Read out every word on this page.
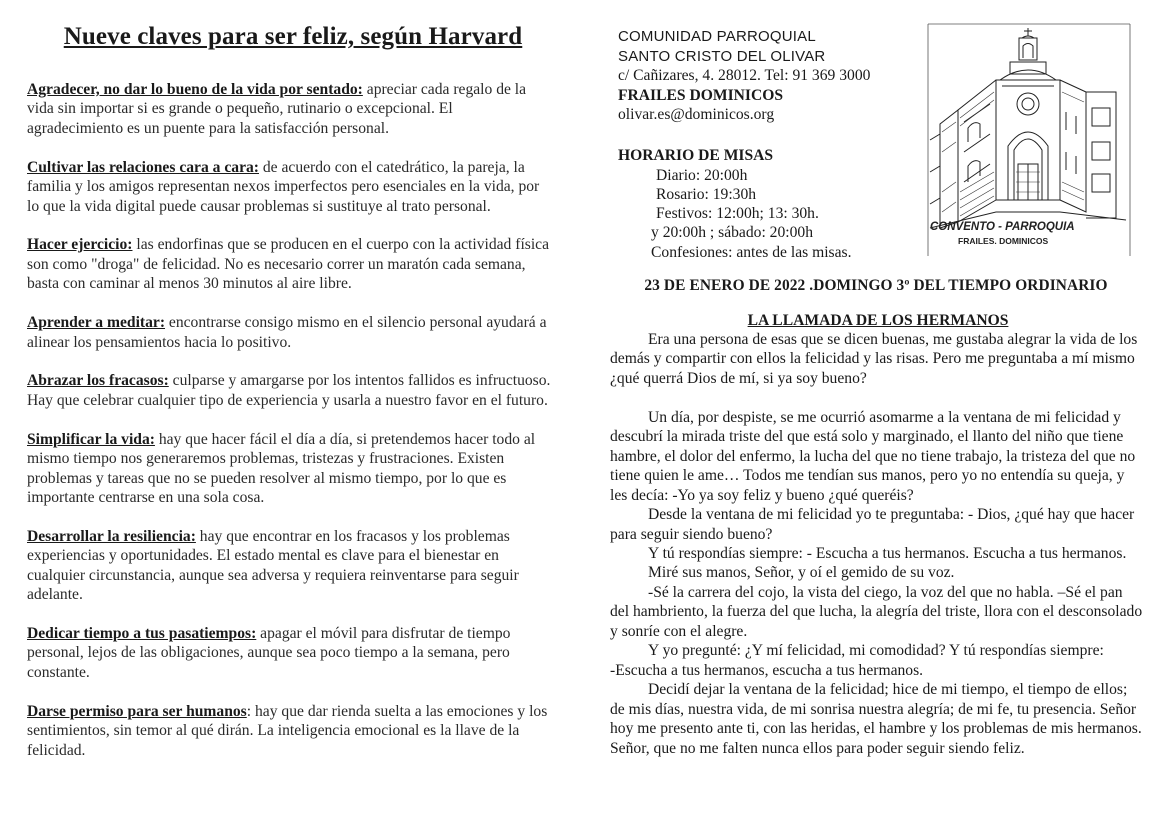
Nueve claves para ser feliz, según Harvard
Agradecer, no dar lo bueno de la vida por sentado: apreciar cada regalo de la vida sin importar si es grande o pequeño, rutinario o excepcional. El agradecimiento es un puente para la satisfacción personal.
Cultivar las relaciones cara a cara: de acuerdo con el catedrático, la pareja, la familia y los amigos representan nexos imperfectos pero esenciales en la vida, por lo que la vida digital puede causar problemas si sustituye al trato personal.
Hacer ejercicio: las endorfinas que se producen en el cuerpo con la actividad física son como "droga" de felicidad. No es necesario correr un maratón cada semana, basta con caminar al menos 30 minutos al aire libre.
Aprender a meditar: encontrarse consigo mismo en el silencio personal ayudará a alinear los pensamientos hacia lo positivo.
Abrazar los fracasos: culparse y amargarse por los intentos fallidos es infructuoso. Hay que celebrar cualquier tipo de experiencia y usarla a nuestro favor en el futuro.
Simplificar la vida: hay que hacer fácil el día a día, si pretendemos hacer todo al mismo tiempo nos generaremos problemas, tristezas y frustraciones. Existen problemas y tareas que no se pueden resolver al mismo tiempo, por lo que es importante centrarse en una sola cosa.
Desarrollar la resiliencia: hay que encontrar en los fracasos y los problemas experiencias y oportunidades. El estado mental es clave para el bienestar en cualquier circunstancia, aunque sea adversa y requiera reinventarse para seguir adelante.
Dedicar tiempo a tus pasatiempos: apagar el móvil para disfrutar de tiempo personal, lejos de las obligaciones, aunque sea poco tiempo a la semana, pero constante.
Darse permiso para ser humanos: hay que dar rienda suelta a las emociones y los sentimientos, sin temor al qué dirán. La inteligencia emocional es la llave de la felicidad.
COMUNIDAD PARROQUIAL
SANTO CRISTO DEL OLIVAR
c/ Cañizares, 4. 28012. Tel: 91 369 3000
FRAILES DOMINICOS
olivar.es@dominicos.org
HORARIO DE MISAS
Diario: 20:00h
Rosario: 19:30h
Festivos: 12:00h; 13: 30h.
y 20:00h ; sábado: 20:00h
Confesiones: antes de las misas.
CONVENTO - PARROQUIA
FRAILES. DOMINICOS
23 DE ENERO DE 2022 .DOMINGO 3º DEL TIEMPO ORDINARIO
LA LLAMADA DE LOS HERMANOS

Era una persona de esas que se dicen buenas, me gustaba alegrar la vida de los demás y compartir con ellos la felicidad y las risas. Pero me preguntaba a mí mismo ¿qué querrá Dios de mí, si ya soy bueno?

Un día, por despiste, se me ocurrió asomarme a la ventana de mi felicidad y descubrí la mirada triste del que está solo y marginado, el llanto del niño que tiene hambre, el dolor del enfermo, la lucha del que no tiene trabajo, la tristeza del que no tiene quien le ame… Todos me tendían sus manos, pero yo no entendía su queja, y les decía: -Yo ya soy feliz y bueno ¿qué queréis?

Desde la ventana de mi felicidad yo te preguntaba: - Dios, ¿qué hay que hacer para seguir siendo bueno?

Y tú respondías siempre: - Escucha a tus hermanos. Escucha a tus hermanos.

Miré sus manos, Señor, y oí el gemido de su voz.

-Sé la carrera del cojo, la vista del ciego, la voz del que no habla. –Sé el pan del hambriento, la fuerza del que lucha, la alegría del triste, llora con el desconsolado y sonríe con el alegre.

Y yo pregunté: ¿Y mí felicidad, mi comodidad? Y tú respondías siempre:

-Escucha a tus hermanos, escucha a tus hermanos.

Decidí dejar la ventana de la felicidad; hice de mi tiempo, el tiempo de ellos; de mis días, nuestra vida, de mi sonrisa nuestra alegría; de mi fe, tu presencia. Señor hoy me presento ante ti, con las heridas, el hambre y los problemas de mis hermanos. Señor, que no me falten nunca ellos para poder seguir siendo feliz.
